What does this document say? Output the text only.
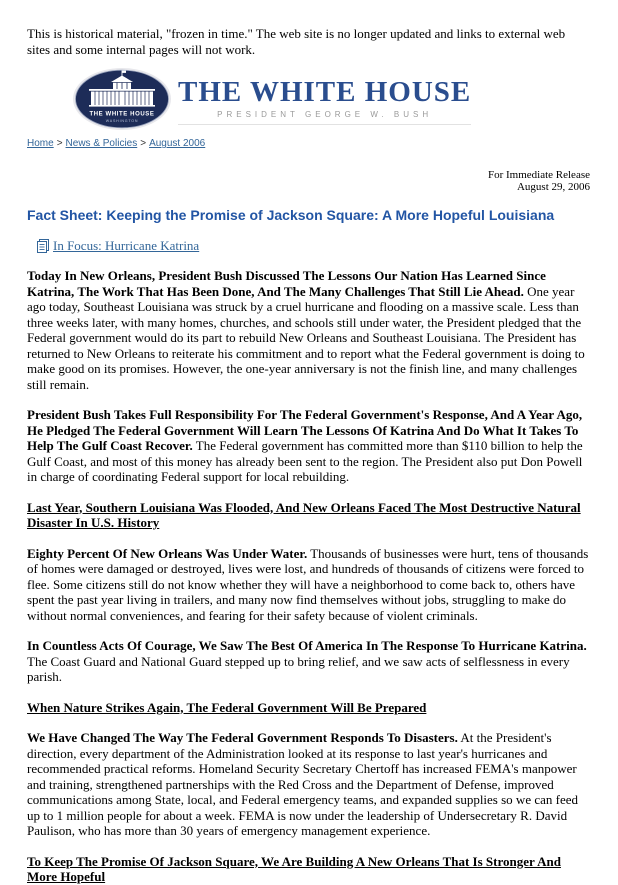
This is historical material, "frozen in time." The web site is no longer updated and links to external web sites and some internal pages will not work.
THE WHITE HOUSE
WASHINGTON
THE WHITE HOUSE
PRESIDENT GEORGE W. BUSH
Home > News & Policies > August 2006
For Immediate Release
August 29, 2006
Fact Sheet: Keeping the Promise of Jackson Square: A More Hopeful Louisiana
In Focus: Hurricane Katrina

Today In New Orleans, President Bush Discussed The Lessons Our Nation Has Learned Since Katrina, The Work That Has Been Done, And The Many Challenges That Still Lie Ahead. One year ago today, Southeast Louisiana was struck by a cruel hurricane and flooding on a massive scale. Less than three weeks later, with many homes, churches, and schools still under water, the President pledged that the Federal government would do its part to rebuild New Orleans and Southeast Louisiana. The President has returned to New Orleans to reiterate his commitment and to report what the Federal government is doing to make good on its promises. However, the one-year anniversary is not the finish line, and many challenges still remain.

President Bush Takes Full Responsibility For The Federal Government's Response, And A Year Ago, He Pledged The Federal Government Will Learn The Lessons Of Katrina And Do What It Takes To Help The Gulf Coast Recover. The Federal government has committed more than $110 billion to help the Gulf Coast, and most of this money has already been sent to the region. The President also put Don Powell in charge of coordinating Federal support for local rebuilding.

Last Year, Southern Louisiana Was Flooded, And New Orleans Faced The Most Destructive Natural Disaster In U.S. History

Eighty Percent Of New Orleans Was Under Water. Thousands of businesses were hurt, tens of thousands of homes were damaged or destroyed, lives were lost, and hundreds of thousands of citizens were forced to flee. Some citizens still do not know whether they will have a neighborhood to come back to, others have spent the past year living in trailers, and many now find themselves without jobs, struggling to make do without normal conveniences, and fearing for their safety because of violent criminals.

In Countless Acts Of Courage, We Saw The Best Of America In The Response To Hurricane Katrina. The Coast Guard and National Guard stepped up to bring relief, and we saw acts of selflessness in every parish.

When Nature Strikes Again, The Federal Government Will Be Prepared

We Have Changed The Way The Federal Government Responds To Disasters. At the President's direction, every department of the Administration looked at its response to last year's hurricanes and recommended practical reforms. Homeland Security Secretary Chertoff has increased FEMA's manpower and training, strengthened partnerships with the Red Cross and the Department of Defense, improved communications among State, local, and Federal emergency teams, and expanded supplies so we can feed up to 1 million people for about a week. FEMA is now under the leadership of Undersecretary R. David Paulison, who has more than 30 years of emergency management experience.

To Keep The Promise Of Jackson Square, We Are Building A New Orleans That Is Stronger And More Hopeful
